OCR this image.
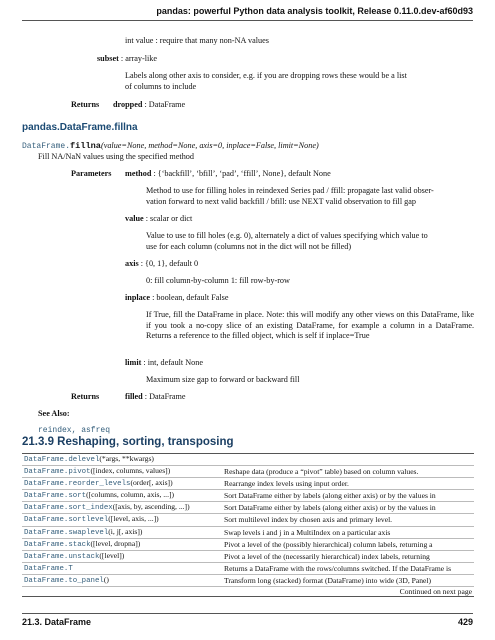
pandas: powerful Python data analysis toolkit, Release 0.11.0.dev-af60d93
int value : require that many non-NA values
subset : array-like
Labels along other axis to consider, e.g. if you are dropping rows these would be a list
of columns to include
Returns dropped : DataFrame
pandas.DataFrame.fillna
DataFrame.fillna(value=None, method=None, axis=0, inplace=False, limit=None)
Fill NA/NaN values using the specified method
Parameters method : {‘backfill’, ‘bfill’, ‘pad’, ‘ffill’, None}, default None
Method to use for filling holes in reindexed Series pad / ffill: propagate last valid obser-
vation forward to next valid backfill / bfill: use NEXT valid observation to fill gap
value : scalar or dict
Value to use to fill holes (e.g. 0), alternately a dict of values specifying which value to
use for each column (columns not in the dict will not be filled)
axis : {0, 1}, default 0
0: fill column-by-column 1: fill row-by-row
inplace : boolean, default False
If True, fill the DataFrame in place. Note: this will modify any other views on this DataFrame, like if you took a no-copy slice of an existing DataFrame, for example a column in a DataFrame. Returns a reference to the filled object, which is self if inplace=True
limit : int, default None
Maximum size gap to forward or backward fill
Returns	filled : DataFrame
See Also:
reindex, asfreq
21.3.9 Reshaping, sorting, transposing
DataFrame.delevel(*args, **kwargs)	
DataFrame.pivot([index, columns, values])	Reshape data (produce a “pivot” table) based on column values.
DataFrame.reorder_levels(order[, axis])	Rearrange index levels using input order.
DataFrame.sort([columns, column, axis, ...])	Sort DataFrame either by labels (along either axis) or by the values in
DataFrame.sort_index([axis, by, ascending, ...])	Sort DataFrame either by labels (along either axis) or by the values in
DataFrame.sortlevel([level, axis, ...])	Sort multilevel index by chosen axis and primary level.
DataFrame.swaplevel(i, j[, axis])	Swap levels i and j in a MultiIndex on a particular axis
DataFrame.stack([level, dropna])	Pivot a level of the (possibly hierarchical) column labels, returning a
DataFrame.unstack([level])	Pivot a level of the (necessarily hierarchical) index labels, returning
DataFrame.T	Returns a DataFrame with the rows/columns switched. If the DataFrame is
DataFrame.to_panel()	Transform long (stacked) format (DataFrame) into wide (3D, Panel)
Continued on next page	
21.3. DataFrame	429
